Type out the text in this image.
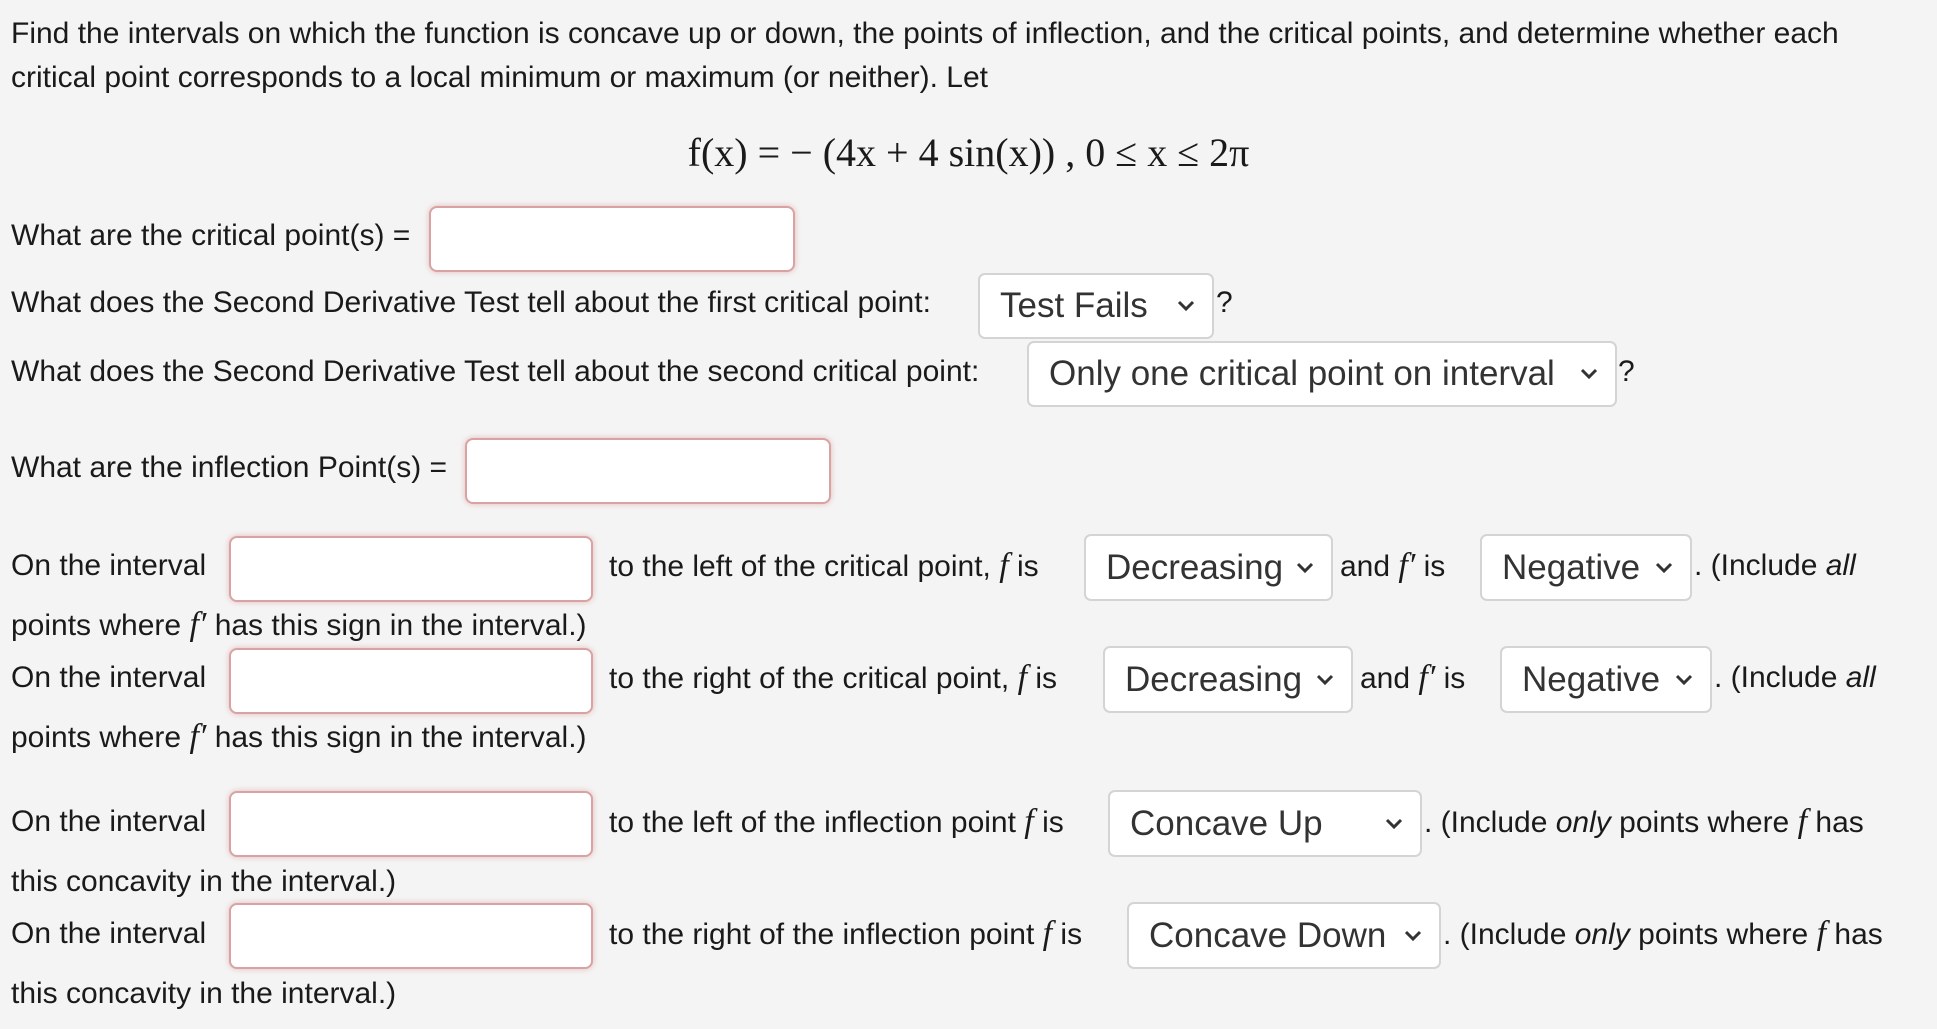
Find the intervals on which the function is concave up or down, the points of inflection, and the critical points, and determine whether each
critical point corresponds to a local minimum or maximum (or neither). Let
f(x) = − (4x + 4 sin(x)) , 0 ≤ x ≤ 2π
What are the critical point(s) =
What does the Second Derivative Test tell about the first critical point: Test Fails ?
What does the Second Derivative Test tell about the second critical point: Only one critical point on interval ?
What are the inflection Point(s) =
On the interval	to the left of the critical point, f is Decreasing and f′ is Negative . (Include all
points where f′ has this sign in the interval.)
On the interval	to the right of the critical point, f is Decreasing and f′ is Negative . (Include all
points where f′ has this sign in the interval.)
On the interval	to the left of the inflection point f is Concave Up	. (Include only points where f has
this concavity in the interval.)
On the interval	to the right of the inflection point f is Concave Down . (Include only points where f has
this concavity in the interval.)
